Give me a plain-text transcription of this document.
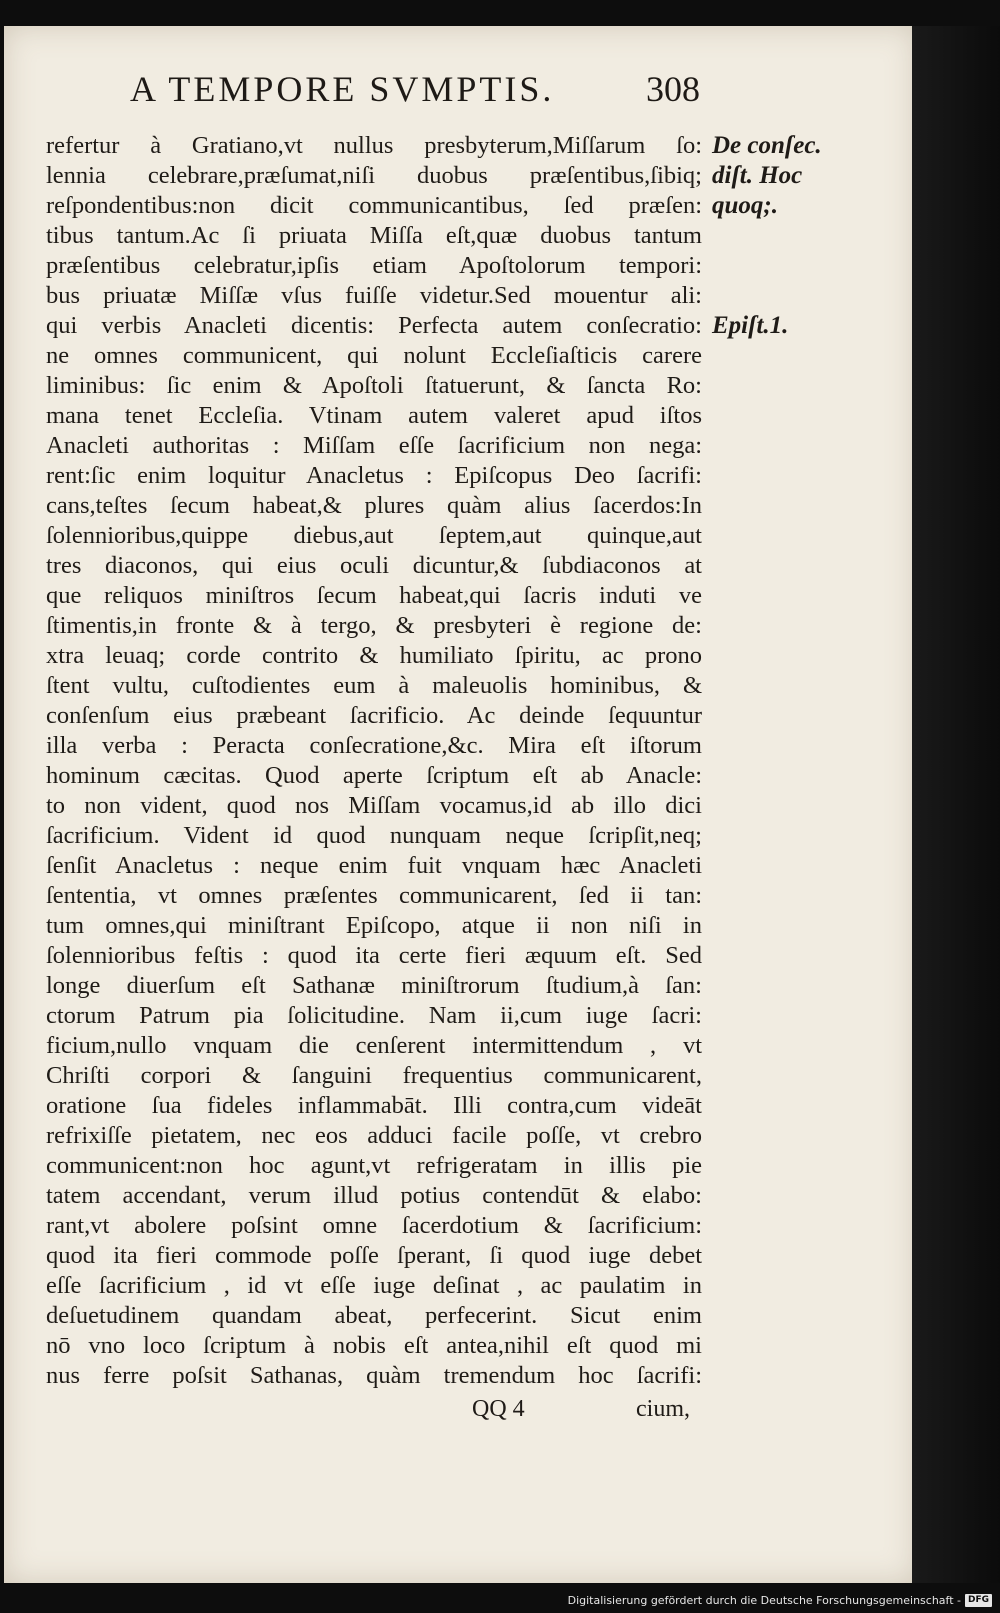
A TEMPORE SVMPTIS.	308
refertur à Gratiano,vt nullus presbyterum,Miſſarum ſo:
lennia celebrare,præſumat,niſi duobus præſentibus,ſibiq;
reſpondentibus:non dicit communicantibus, ſed præſen:
tibus tantum.Ac ſi priuata Miſſa eſt,quæ duobus tantum
præſentibus celebratur,ipſis etiam Apoſtolorum tempori:
bus priuatæ Miſſæ vſus fuiſſe videtur.Sed mouentur ali:
qui verbis Anacleti dicentis: Perfecta autem conſecratio:
ne omnes communicent, qui nolunt Eccleſiaſticis carere
liminibus: ſic enim & Apoſtoli ſtatuerunt, & ſancta Ro:
mana tenet Eccleſia. Vtinam autem valeret apud iſtos
Anacleti authoritas : Miſſam eſſe ſacrificium non nega:
rent:ſic enim loquitur Anacletus : Epiſcopus Deo ſacrifi:
cans,teſtes ſecum habeat,& plures quàm alius ſacerdos:In
ſolennioribus,quippe diebus,aut ſeptem,aut quinque,aut
tres diaconos, qui eius oculi dicuntur,& ſubdiaconos at
que reliquos miniſtros ſecum habeat,qui ſacris induti ve
ſtimentis,in fronte & à tergo, & presbyteri è regione de:
xtra leuaq; corde contrito & humiliato ſpiritu, ac prono
ſtent vultu, cuſtodientes eum à maleuolis hominibus, &
conſenſum eius præbeant ſacrificio. Ac deinde ſequuntur
illa verba : Peracta conſecratione,&c. Mira eſt iſtorum
hominum cæcitas. Quod aperte ſcriptum eſt ab Anacle:
to non vident, quod nos Miſſam vocamus,id ab illo dici
ſacrificium. Vident id quod nunquam neque ſcripſit,neq;
ſenſit Anacletus : neque enim fuit vnquam hæc Anacleti
ſententia, vt omnes præſentes communicarent, ſed ii tan:
tum omnes,qui miniſtrant Epiſcopo, atque ii non niſi in
ſolennioribus feſtis : quod ita certe fieri æquum eſt. Sed
longe diuerſum eſt Sathanæ miniſtrorum ſtudium,à ſan:
ctorum Patrum pia ſolicitudine. Nam ii,cum iuge ſacri:
ficium,nullo vnquam die cenſerent intermittendum , vt
Chriſti corpori & ſanguini frequentius communicarent,
oratione ſua fideles inflammabāt. Illi contra,cum videāt
refrixiſſe pietatem, nec eos adduci facile poſſe, vt crebro
communicent:non hoc agunt,vt refrigeratam in illis pie
tatem accendant, verum illud potius contendūt & elabo:
rant,vt abolere poſsint omne ſacerdotium & ſacrificium:
quod ita fieri commode poſſe ſperant, ſi quod iuge debet
eſſe ſacrificium , id vt eſſe iuge deſinat , ac paulatim in
deſuetudinem quandam abeat, perfecerint. Sicut enim
nō vno loco ſcriptum à nobis eſt antea,nihil eſt quod mi
nus ferre poſsit Sathanas, quàm tremendum hoc ſacrifi:
De conſec.
diſt. Hoc
quoq;.
Epiſt.1.
QQ 4	cium,
Digitalisierung gefördert durch die Deutsche Forschungsgemeinschaft - DFG
